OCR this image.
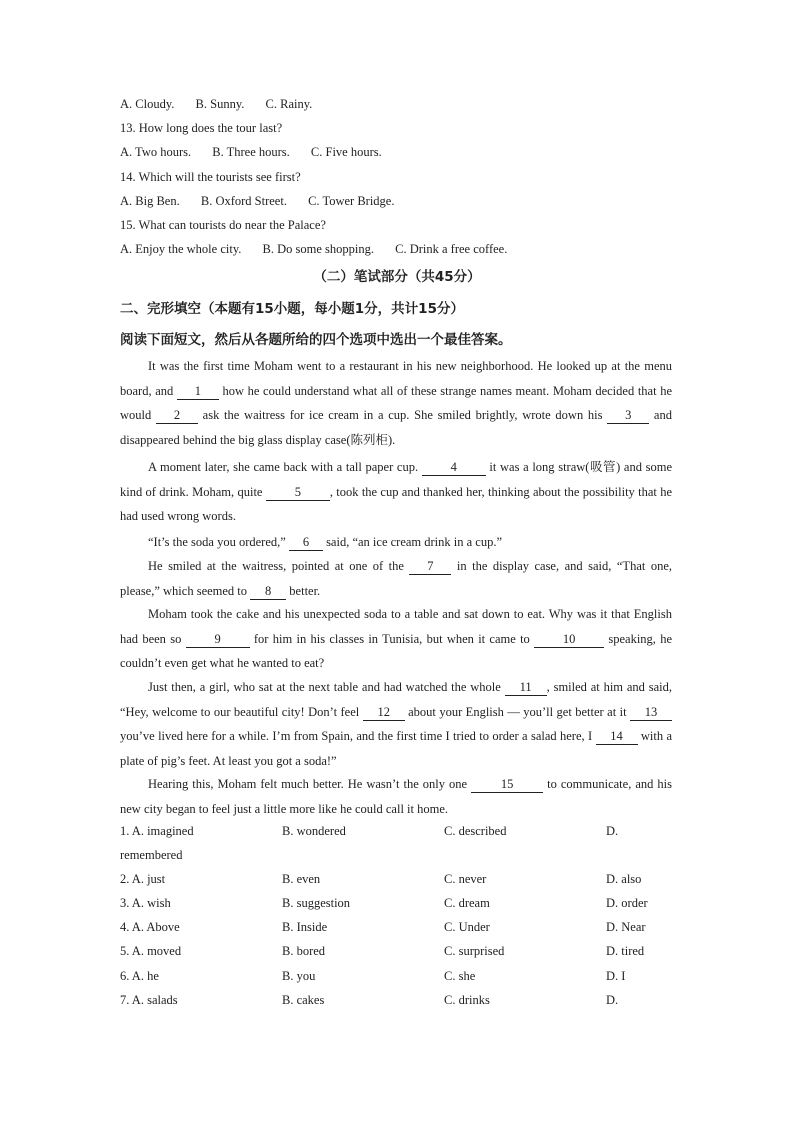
A. Cloudy. B. Sunny. C. Rainy.
13. How long does the tour last?
A. Two hours. B. Three hours. C. Five hours.
14. Which will the tourists see first?
A. Big Ben. B. Oxford Street. C. Tower Bridge.
15. What can tourists do near the Palace?
A. Enjoy the whole city. B. Do some shopping. C. Drink a free coffee.
（二）笔试部分（共45分）
二、完形填空（本题有15小题，每小题1分，共计15分）
阅读下面短文，然后从各题所给的四个选项中选出一个最佳答案。

It was the first time Moham went to a restaurant in his new neighborhood. He looked up at the menu board, and 1 how he could understand what all of these strange names meant. Moham decided that he would 2 ask the waitress for ice cream in a cup. She smiled brightly, wrote down his 3 and disappeared behind the big glass display case(陈列柜).

A moment later, she came back with a tall paper cup. 4 it was a long straw(吸管) and some kind of drink. Moham, quite 5 , took the cup and thanked her, thinking about the possibility that he had used wrong words.

“It’s the soda you ordered,” 6 said, “an ice cream drink in a cup.”

He smiled at the waitress, pointed at one of the 7 in the display case, and said, “That one, please,” which seemed to 8 better.

Moham took the cake and his unexpected soda to a table and sat down to eat. Why was it that English had been so 9 for him in his classes in Tunisia, but when it came to 10 speaking, he couldn’t even get what he wanted to eat?

Just then, a girl, who sat at the next table and had watched the whole 11 , smiled at him and said, “Hey, welcome to our beautiful city! Don’t feel 12 about your English — you’ll get better at it 13 you’ve lived here for a while. I’m from Spain, and the first time I tried to order a salad here, I 14 with a plate of pig’s feet. At least you got a soda!”

Hearing this, Moham felt much better. He wasn’t the only one 15 to communicate, and his new city began to feel just a little more like he could call it home.

1. A. imagined	B. wondered	C. described	D.
remembered
2. A. just	B. even	C. never	D. also
3. A. wish	B. suggestion	C. dream	D. order
4. A. Above	B. Inside	C. Under	D. Near
5. A. moved	B. bored	C. surprised	D. tired
6. A. he	B. you	C. she	D. I
7. A. salads	B. cakes	C. drinks	D.
